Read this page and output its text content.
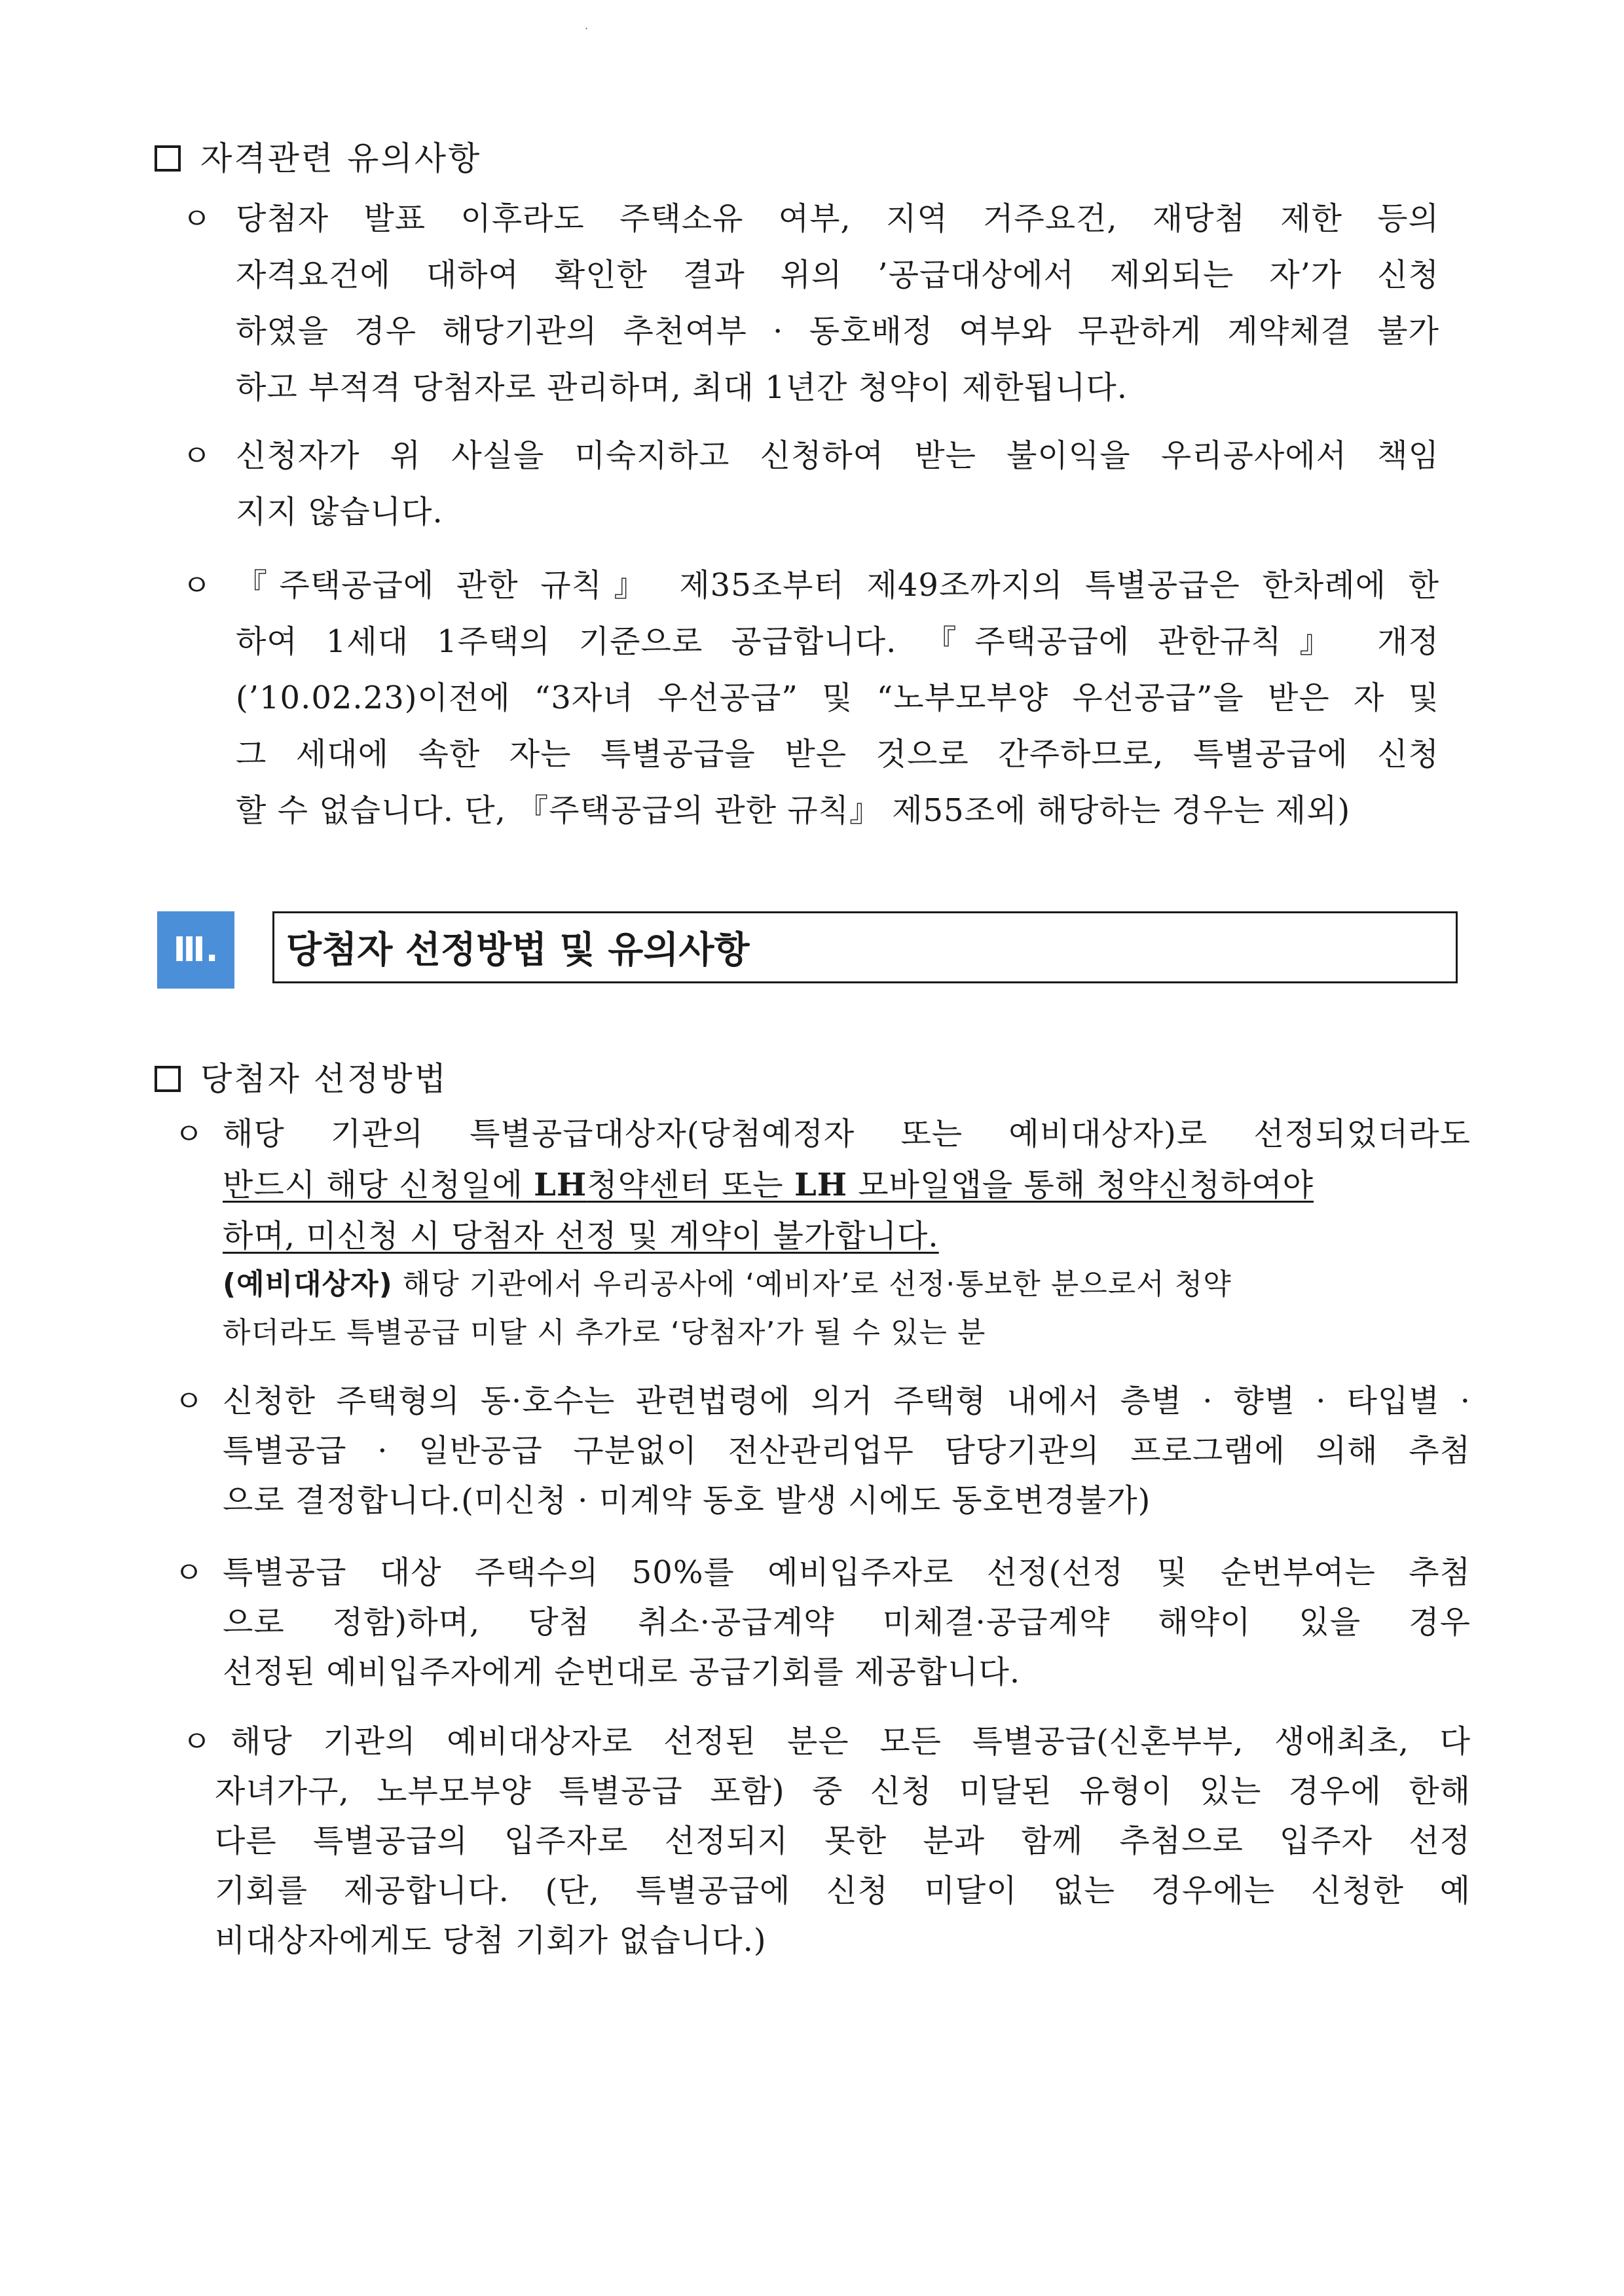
·
자격관련 유의사항
ㅇ 당첨자 발표 이후라도 주택소유 여부, 지역 거주요건, 재당첨 제한 등의
자격요건에 대하여 확인한 결과 위의 ’공급대상에서 제외되는 자’가 신청
하였을 경우 해당기관의 추천여부 · 동호배정 여부와 무관하게 계약체결 불가
하고 부적격 당첨자로 관리하며, 최대 1년간 청약이 제한됩니다.
ㅇ 신청자가 위 사실을 미숙지하고 신청하여 받는 불이익을 우리공사에서 책임
지지 않습니다.
ㅇ 『주택공급에 관한 규칙』 제35조부터 제49조까지의 특별공급은 한차례에 한
하여 1세대 1주택의 기준으로 공급합니다. 『주택공급에 관한규칙』 개정
(’10.02.23)이전에 “3자녀 우선공급” 및 “노부모부양 우선공급”을 받은 자 및
그 세대에 속한 자는 특별공급을 받은 것으로 간주하므로, 특별공급에 신청
할 수 없습니다. 단, 『주택공급의 관한 규칙』 제55조에 해당하는 경우는 제외)
Ⅲ.	당첨자 선정방법 및 유의사항
당첨자 선정방법
ㅇ 해당 기관의 특별공급대상자(당첨예정자 또는 예비대상자)로 선정되었더라도
반드시 해당 신청일에 LH청약센터 또는 LH 모바일앱을 통해 청약신청하여야
하며, 미신청 시 당첨자 선정 및 계약이 불가합니다.
(예비대상자) 해당 기관에서 우리공사에 ‘예비자’로 선정·통보한 분으로서 청약
하더라도 특별공급 미달 시 추가로 ‘당첨자’가 될 수 있는 분
ㅇ 신청한 주택형의 동·호수는 관련법령에 의거 주택형 내에서 층별 · 향별 · 타입별 ·
특별공급 · 일반공급 구분없이 전산관리업무 담당기관의 프로그램에 의해 추첨
으로 결정합니다.(미신청 · 미계약 동호 발생 시에도 동호변경불가)
ㅇ 특별공급 대상 주택수의 50%를 예비입주자로 선정(선정 및 순번부여는 추첨
으로 정함)하며, 당첨 취소·공급계약 미체결·공급계약 해약이 있을 경우
선정된 예비입주자에게 순번대로 공급기회를 제공합니다.
ㅇ 해당 기관의 예비대상자로 선정된 분은 모든 특별공급(신혼부부, 생애최초, 다
자녀가구, 노부모부양 특별공급 포함) 중 신청 미달된 유형이 있는 경우에 한해
다른 특별공급의 입주자로 선정되지 못한 분과 함께 추첨으로 입주자 선정
기회를 제공합니다. (단, 특별공급에 신청 미달이 없는 경우에는 신청한 예
비대상자에게도 당첨 기회가 없습니다.)
